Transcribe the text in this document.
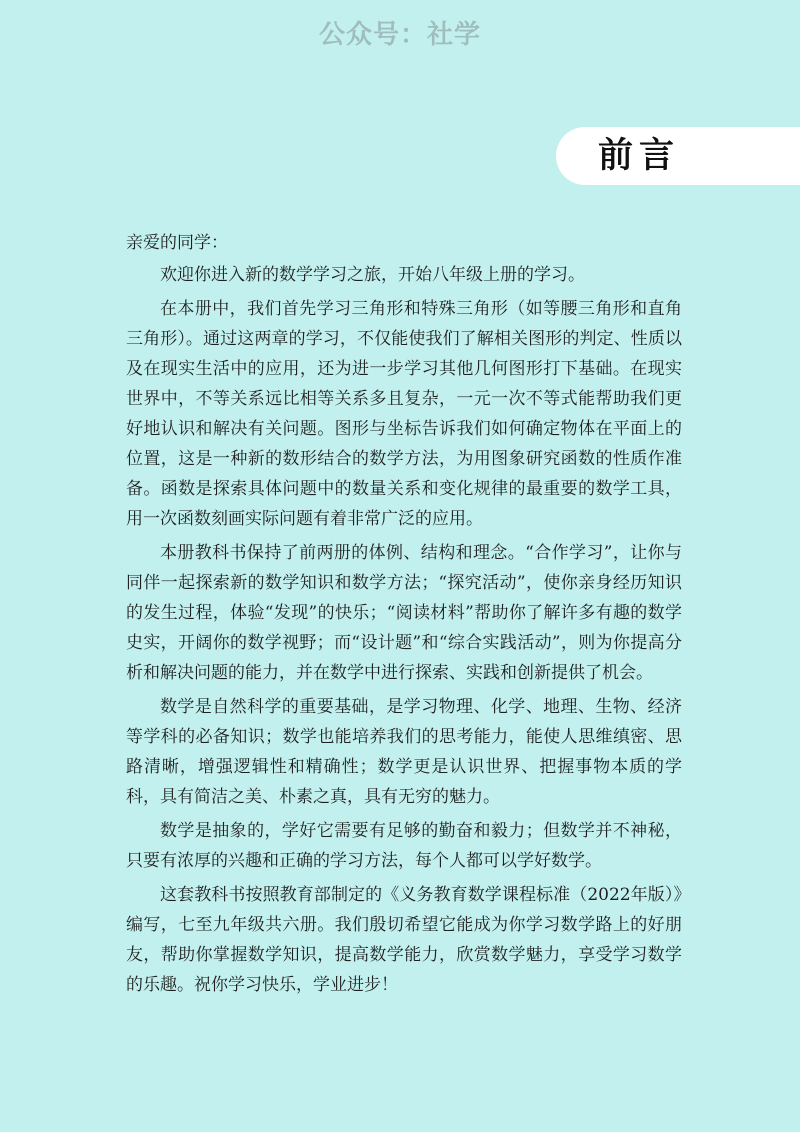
公众号：社学
前言

亲爱的同学：

欢迎你进入新的数学学习之旅，开始八年级上册的学习。

在本册中，我们首先学习三角形和特殊三角形（如等腰三角形和直角三角形）。通过这两章的学习，不仅能使我们了解相关图形的判定、性质以及在现实生活中的应用，还为进一步学习其他几何图形打下基础。在现实世界中，不等关系远比相等关系多且复杂，一元一次不等式能帮助我们更好地认识和解决有关问题。图形与坐标告诉我们如何确定物体在平面上的位置，这是一种新的数形结合的数学方法，为用图象研究函数的性质作准备。函数是探索具体问题中的数量关系和变化规律的最重要的数学工具，用一次函数刻画实际问题有着非常广泛的应用。

本册教科书保持了前两册的体例、结构和理念。“合作学习”，让你与同伴一起探索新的数学知识和数学方法；“探究活动”，使你亲身经历知识的发生过程，体验“发现”的快乐；“阅读材料”帮助你了解许多有趣的数学史实，开阔你的数学视野；而“设计题”和“综合实践活动”，则为你提高分析和解决问题的能力，并在数学中进行探索、实践和创新提供了机会。

数学是自然科学的重要基础，是学习物理、化学、地理、生物、经济等学科的必备知识；数学也能培养我们的思考能力，能使人思维缜密、思路清晰，增强逻辑性和精确性；数学更是认识世界、把握事物本质的学科，具有简洁之美、朴素之真，具有无穷的魅力。

数学是抽象的，学好它需要有足够的勤奋和毅力；但数学并不神秘，只要有浓厚的兴趣和正确的学习方法，每个人都可以学好数学。

这套教科书按照教育部制定的《义务教育数学课程标准（2022年版）》编写，七至九年级共六册。我们殷切希望它能成为你学习数学路上的好朋友，帮助你掌握数学知识，提高数学能力，欣赏数学魅力，享受学习数学的乐趣。祝你学习快乐，学业进步！
